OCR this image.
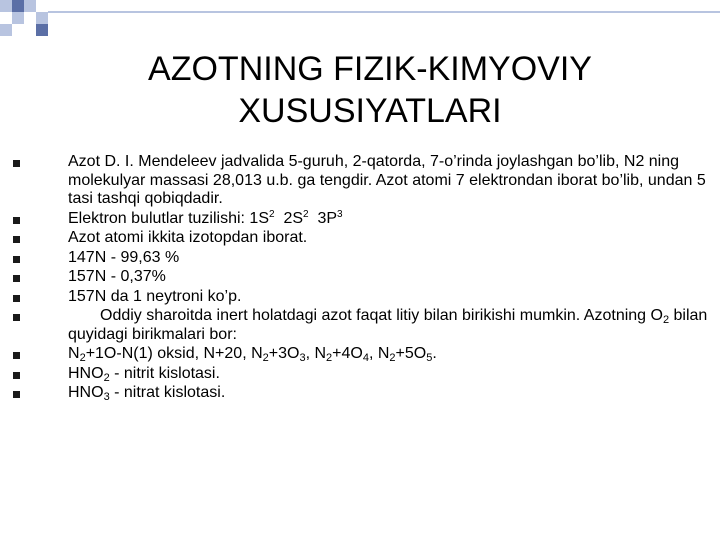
AZOTNING FIZIK-KIMYOVIY
XUSUSIYATLARI
Azot D. I. Mendeleev jadvalida 5-guruh, 2-qatorda, 7-o’rinda joylashgan bo’lib, N2 ning molekulyar massasi 28,013 u.b. ga tengdir. Azot atomi 7 elektrondan iborat bo’lib, undan 5 tasi tashqi qobiqdadir.
Elektron bulutlar tuzilishi: $1S^2$  $2S^2$  $3P^3$
Azot atomi ikkita izotopdan iborat.
147N - 99,63 %
157N - 0,37%
157N da 1 neytroni ko’p.
Oddiy sharoitda inert holatdagi azot faqat litiy bilan birikishi mumkin. Azotning $O_2$ bilan quyidagi birikmalari bor:
$N_2+1O-N(1)$ oksid, N+20, $N_2+3O_3$, $N_2+4O_4$, $N_2+5O_5$.
$HNO_2$ - nitrit kislotasi.
$HNO_3$ - nitrat kislotasi.
